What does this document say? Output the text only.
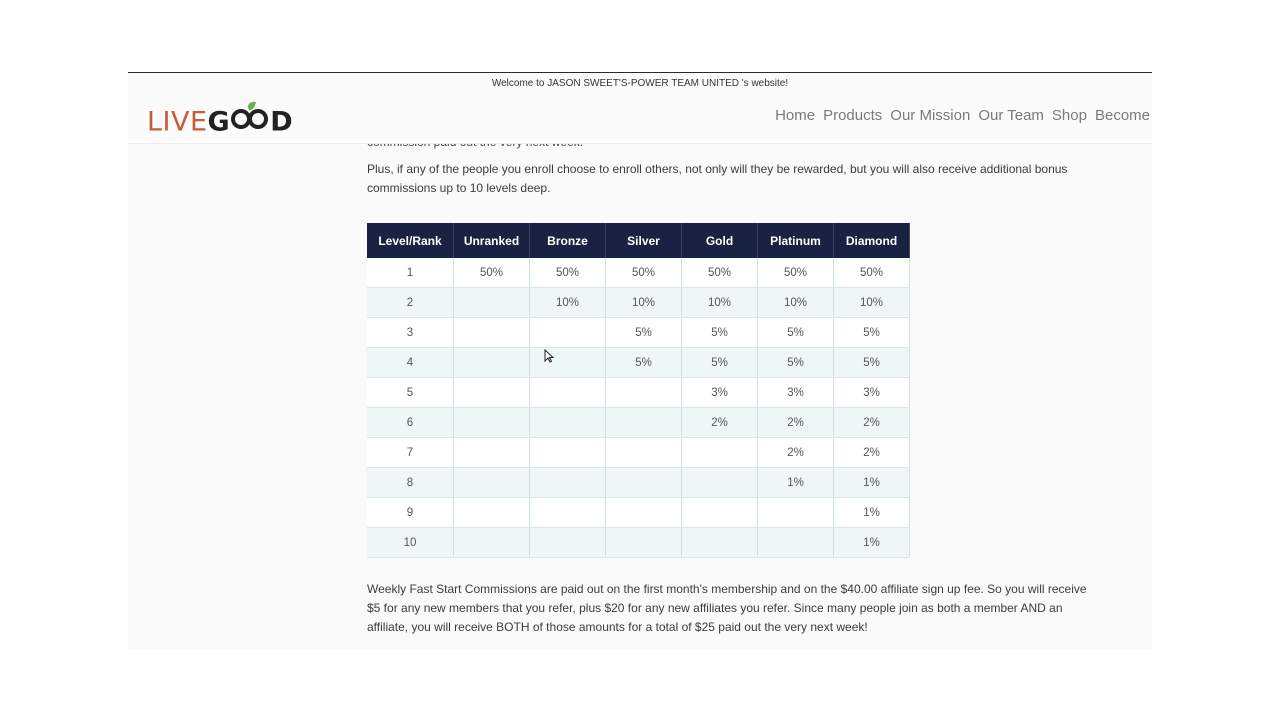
Welcome to JASON SWEET'S-POWER TEAM UNITED 's website!
LIVEG D	Home Products Our Mission Our Team Shop Become
Plus, if any of the people you enroll choose to enroll others, not only will they be rewarded, but you will also receive additional bonus commissions up to 10 levels deep.
Level/Rank	Unranked	Bronze	Silver	Gold	Platinum	Diamond
1	50%	50%	50%	50%	50%	50%
2		10%	10%	10%	10%	10%
3			5%	5%	5%	5%
4			5%	5%	5%	5%
5				3%	3%	3%
6				2%	2%	2%
7					2%	2%
8					1%	1%
9						1%
10						1%
Weekly Fast Start Commissions are paid out on the first month's membership and on the $40.00 affiliate sign up fee. So you will receive $5 for any new members that you refer, plus $20 for any new affiliates you refer. Since many people join as both a member AND an affiliate, you will receive BOTH of those amounts for a total of $25 paid out the very next week!
